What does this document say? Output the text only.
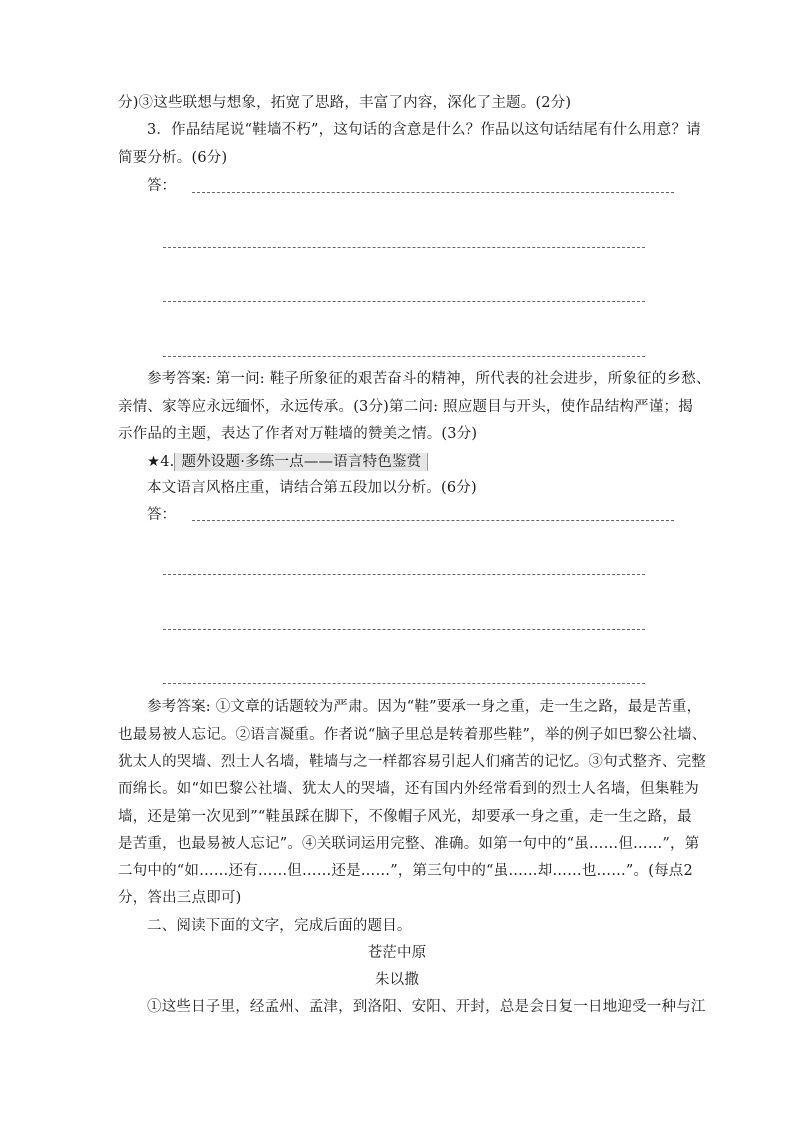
分)③这些联想与想象，拓宽了思路，丰富了内容，深化了主题。(2分)
3．作品结尾说“鞋墙不朽”，这句话的含意是什么？作品以这句话结尾有什么用意？请
简要分析。(6分)
答：
参考答案: 第一问: 鞋子所象征的艰苦奋斗的精神，所代表的社会进步，所象征的乡愁、
亲情、家等应永远缅怀，永远传承。(3分)第二问: 照应题目与开头，使作品结构严谨；揭
示作品的主题，表达了作者对万鞋墙的赞美之情。(3分)
★4. 题外设题·多练一点——语言特色鉴赏
本文语言风格庄重，请结合第五段加以分析。(6分)
答：
参考答案: ①文章的话题较为严肃。因为“鞋”要承一身之重，走一生之路，最是苦重，
也最易被人忘记。②语言凝重。作者说“脑子里总是转着那些鞋”，举的例子如巴黎公社墙、
犹太人的哭墙、烈士人名墙，鞋墙与之一样都容易引起人们痛苦的记忆。③句式整齐、完整
而绵长。如“如巴黎公社墙、犹太人的哭墙，还有国内外经常看到的烈士人名墙，但集鞋为
墙，还是第一次见到”“鞋虽踩在脚下，不像帽子风光，却要承一身之重，走一生之路，最
是苦重，也最易被人忘记”。④关联词运用完整、准确。如第一句中的“虽……但……”，第
二句中的“如……还有……但……还是……”，第三句中的“虽……却……也……”。(每点2
分，答出三点即可)
二、阅读下面的文字，完成后面的题目。
苍茫中原
朱以撒
①这些日子里，经孟州、孟津，到洛阳、安阳、开封，总是会日复一日地迎受一种与江
